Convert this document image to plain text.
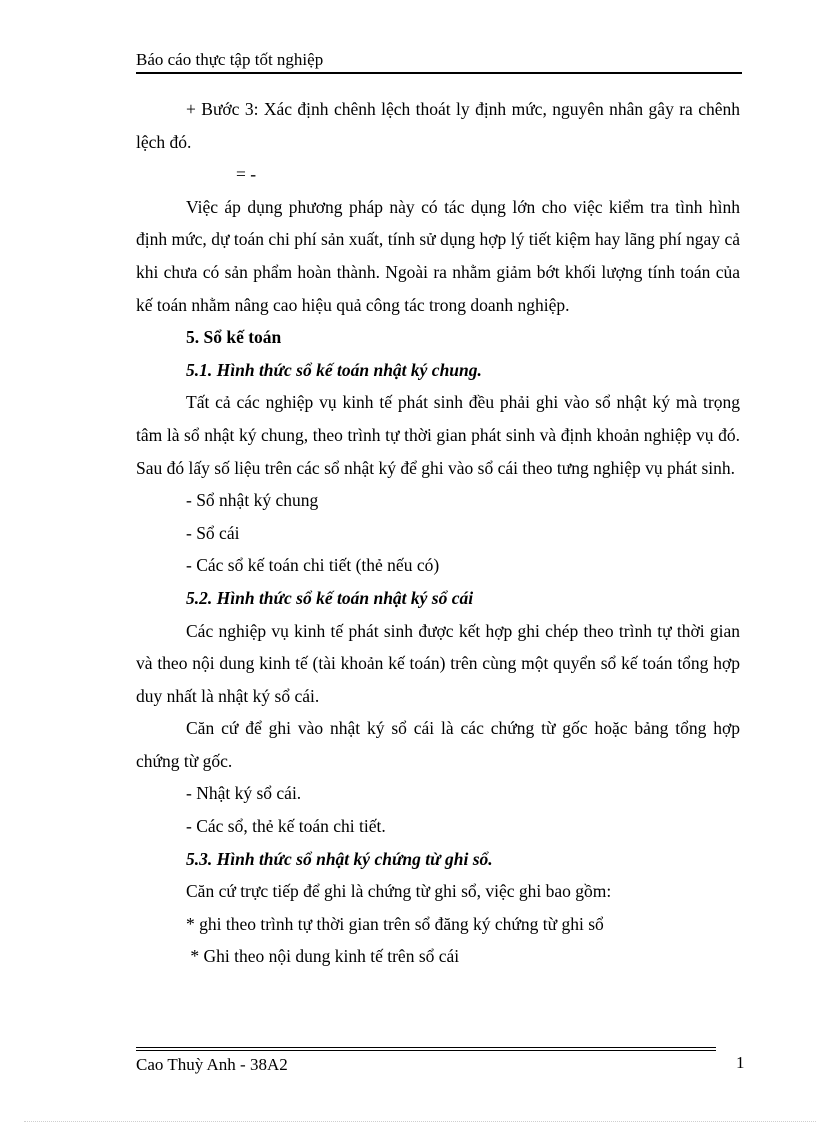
Báo cáo thực tập tốt nghiệp

+ Bước 3: Xác định chênh lệch thoát ly định mức, nguyên nhân gây ra chênh lệch đó.

= -

Việc áp dụng phương pháp này có tác dụng lớn cho việc kiểm tra tình hình định mức, dự toán chi phí sản xuất, tính sử dụng hợp lý tiết kiệm hay lãng phí ngay cả khi chưa có sản phẩm hoàn thành. Ngoài ra nhằm giảm bớt khối lượng tính toán của kế toán nhằm nâng cao hiệu quả công tác trong doanh nghiệp.

5. Sổ kế toán

5.1. Hình thức sổ kế toán nhật ký chung.

Tất cả các nghiệp vụ kinh tế phát sinh đều phải ghi vào sổ nhật ký mà trọng tâm là sổ nhật ký chung, theo trình tự thời gian phát sinh và định khoản nghiệp vụ đó. Sau đó lấy số liệu trên các sổ nhật ký để ghi vào sổ cái theo tưng nghiệp vụ phát sinh.

- Sổ nhật ký chung

- Sổ cái

- Các sổ kế toán chi tiết (thẻ nếu có)

5.2. Hình thức sổ kế toán nhật ký sổ cái

Các nghiệp vụ kinh tế phát sinh được kết hợp ghi chép theo trình tự thời gian và theo nội dung kinh tế (tài khoản kế toán) trên cùng một quyển sổ kế toán tổng hợp duy nhất là nhật ký sổ cái.

Căn cứ để ghi vào nhật ký sổ cái là các chứng từ gốc hoặc bảng tổng hợp chứng từ gốc.

- Nhật ký sổ cái.

- Các sổ, thẻ kế toán chi tiết.

5.3. Hình thức sổ nhật ký chứng từ ghi sổ.

Căn cứ trực tiếp để ghi là chứng từ ghi sổ, việc ghi bao gồm:

* ghi theo trình tự thời gian trên sổ đăng ký chứng từ ghi sổ

* Ghi theo nội dung kinh tế trên sổ cái

Cao Thuỳ Anh - 38A2	1
